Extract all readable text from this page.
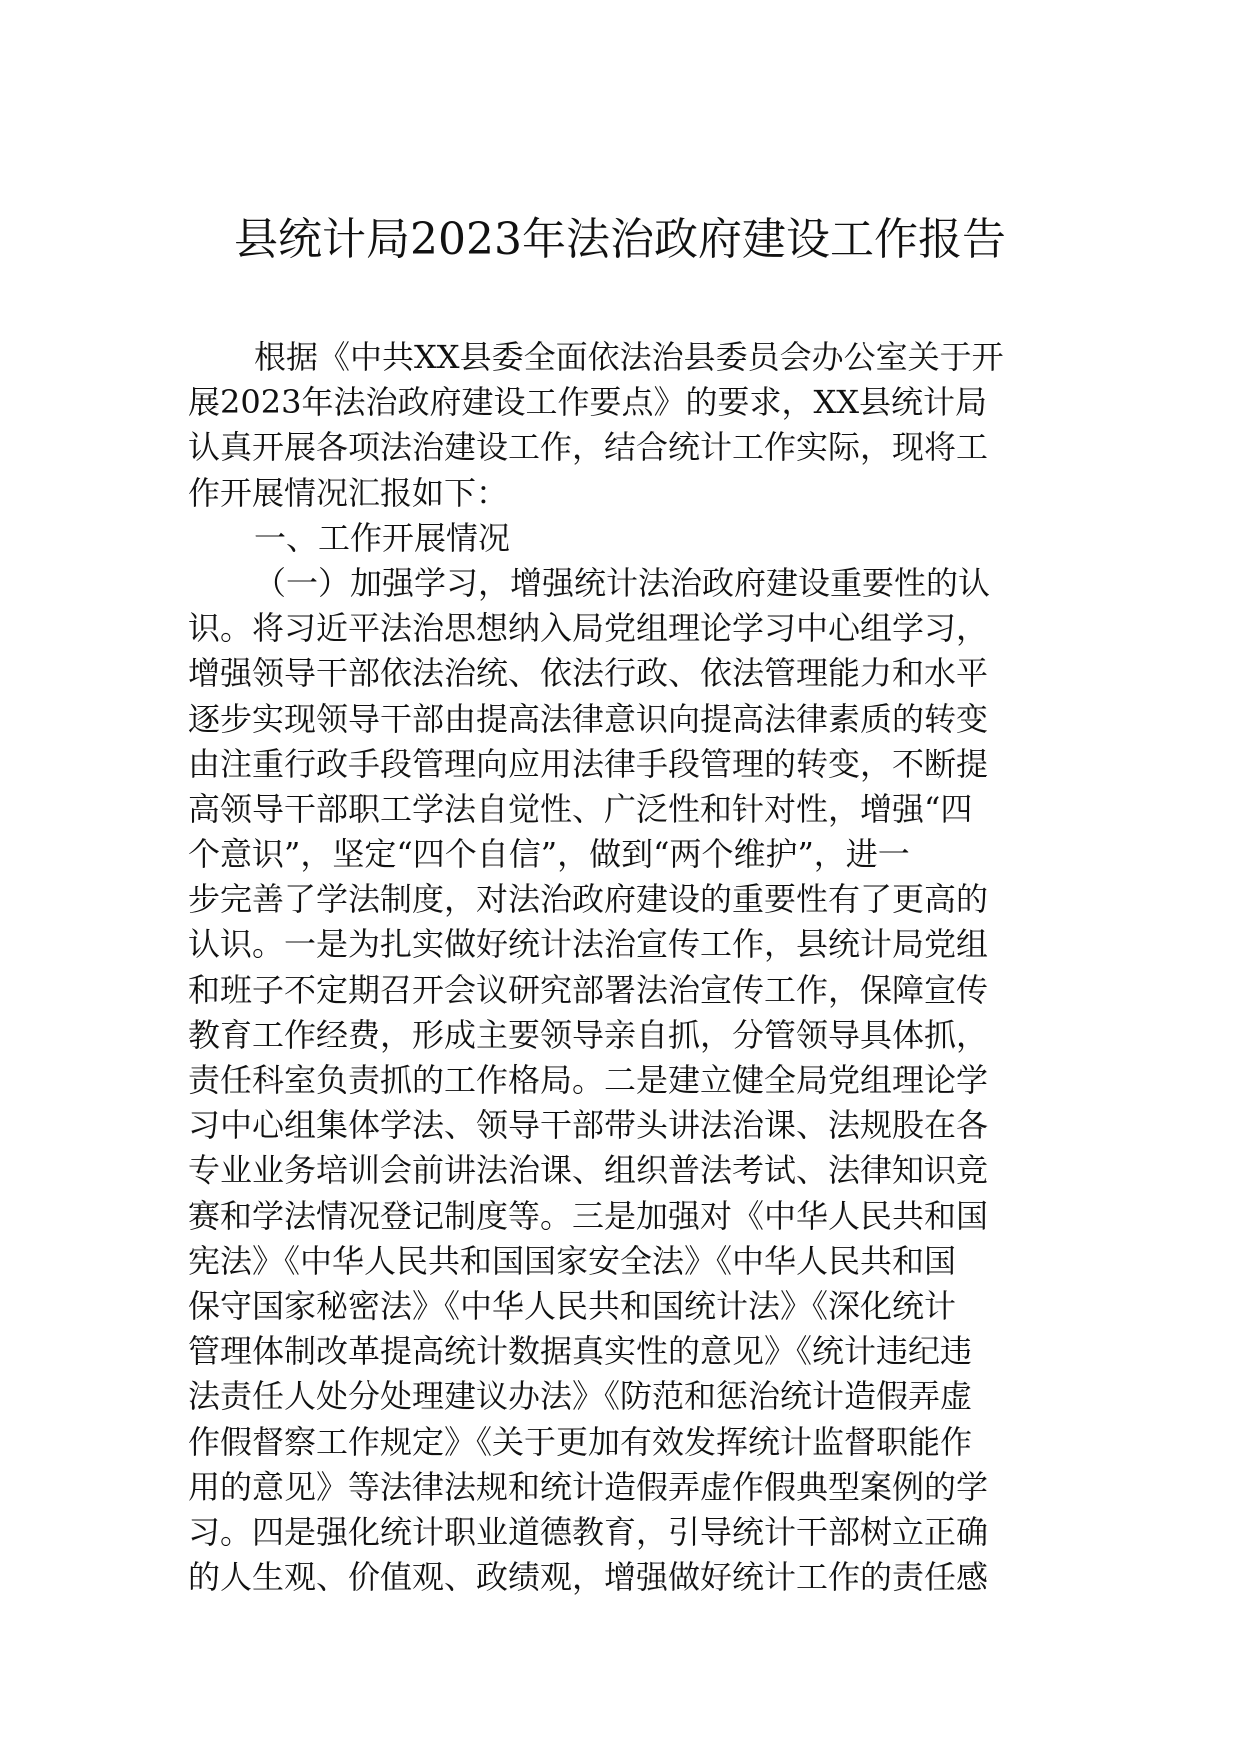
县统计局2023年法治政府建设工作报告
根据《中共XX县委全面依法治县委员会办公室关于开
展2023年法治政府建设工作要点》的要求，XX县统计局
认真开展各项法治建设工作，结合统计工作实际，现将工
作开展情况汇报如下：
一、工作开展情况
（一）加强学习，增强统计法治政府建设重要性的认
识。将习近平法治思想纳入局党组理论学习中心组学习，
增强领导干部依法治统、依法行政、依法管理能力和水平
逐步实现领导干部由提高法律意识向提高法律素质的转变
由注重行政手段管理向应用法律手段管理的转变，不断提
高领导干部职工学法自觉性、广泛性和针对性，增强“四
个意识”，坚定“四个自信”，做到“两个维护”，进一
步完善了学法制度，对法治政府建设的重要性有了更高的
认识。一是为扎实做好统计法治宣传工作，县统计局党组
和班子不定期召开会议研究部署法治宣传工作，保障宣传
教育工作经费，形成主要领导亲自抓，分管领导具体抓，
责任科室负责抓的工作格局。二是建立健全局党组理论学
习中心组集体学法、领导干部带头讲法治课、法规股在各
专业业务培训会前讲法治课、组织普法考试、法律知识竞
赛和学法情况登记制度等。三是加强对《中华人民共和国
宪法》《中华人民共和国国家安全法》《中华人民共和国
保守国家秘密法》《中华人民共和国统计法》《深化统计
管理体制改革提高统计数据真实性的意见》《统计违纪违
法责任人处分处理建议办法》《防范和惩治统计造假弄虚
作假督察工作规定》《关于更加有效发挥统计监督职能作
用的意见》等法律法规和统计造假弄虚作假典型案例的学
习。四是强化统计职业道德教育，引导统计干部树立正确
的人生观、价值观、政绩观，增强做好统计工作的责任感
